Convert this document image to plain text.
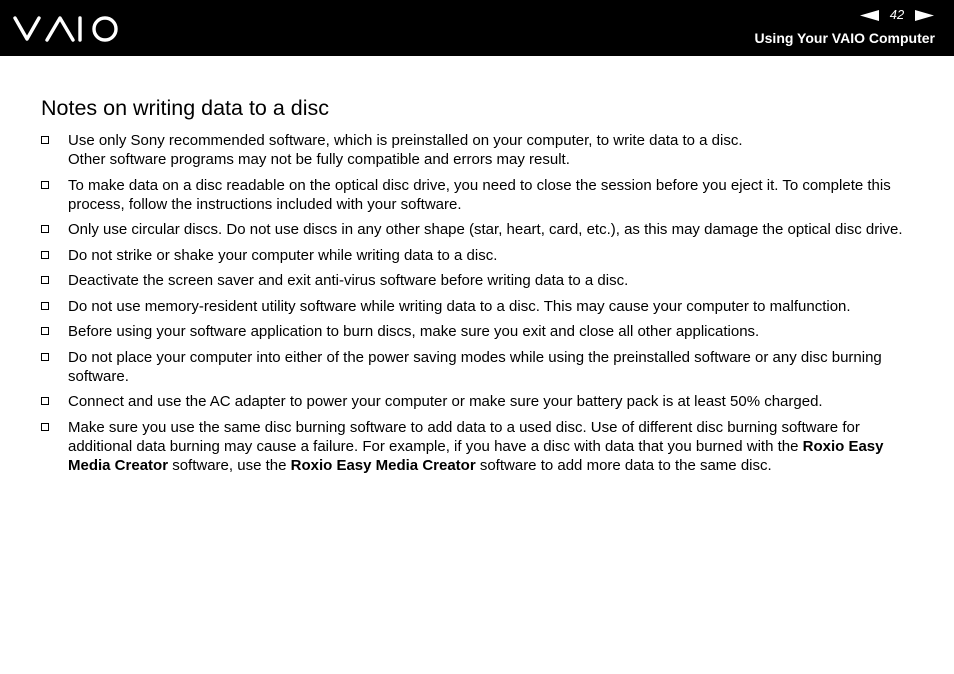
42
Using Your VAIO Computer
Notes on writing data to a disc
Use only Sony recommended software, which is preinstalled on your computer, to write data to a disc.
Other software programs may not be fully compatible and errors may result.
To make data on a disc readable on the optical disc drive, you need to close the session before you eject it. To complete this process, follow the instructions included with your software.
Only use circular discs. Do not use discs in any other shape (star, heart, card, etc.), as this may damage the optical disc drive.
Do not strike or shake your computer while writing data to a disc.
Deactivate the screen saver and exit anti-virus software before writing data to a disc.
Do not use memory-resident utility software while writing data to a disc. This may cause your computer to malfunction.
Before using your software application to burn discs, make sure you exit and close all other applications.
Do not place your computer into either of the power saving modes while using the preinstalled software or any disc burning software.
Connect and use the AC adapter to power your computer or make sure your battery pack is at least 50% charged.
Make sure you use the same disc burning software to add data to a used disc. Use of different disc burning software for additional data burning may cause a failure. For example, if you have a disc with data that you burned with the Roxio Easy Media Creator software, use the Roxio Easy Media Creator software to add more data to the same disc.
